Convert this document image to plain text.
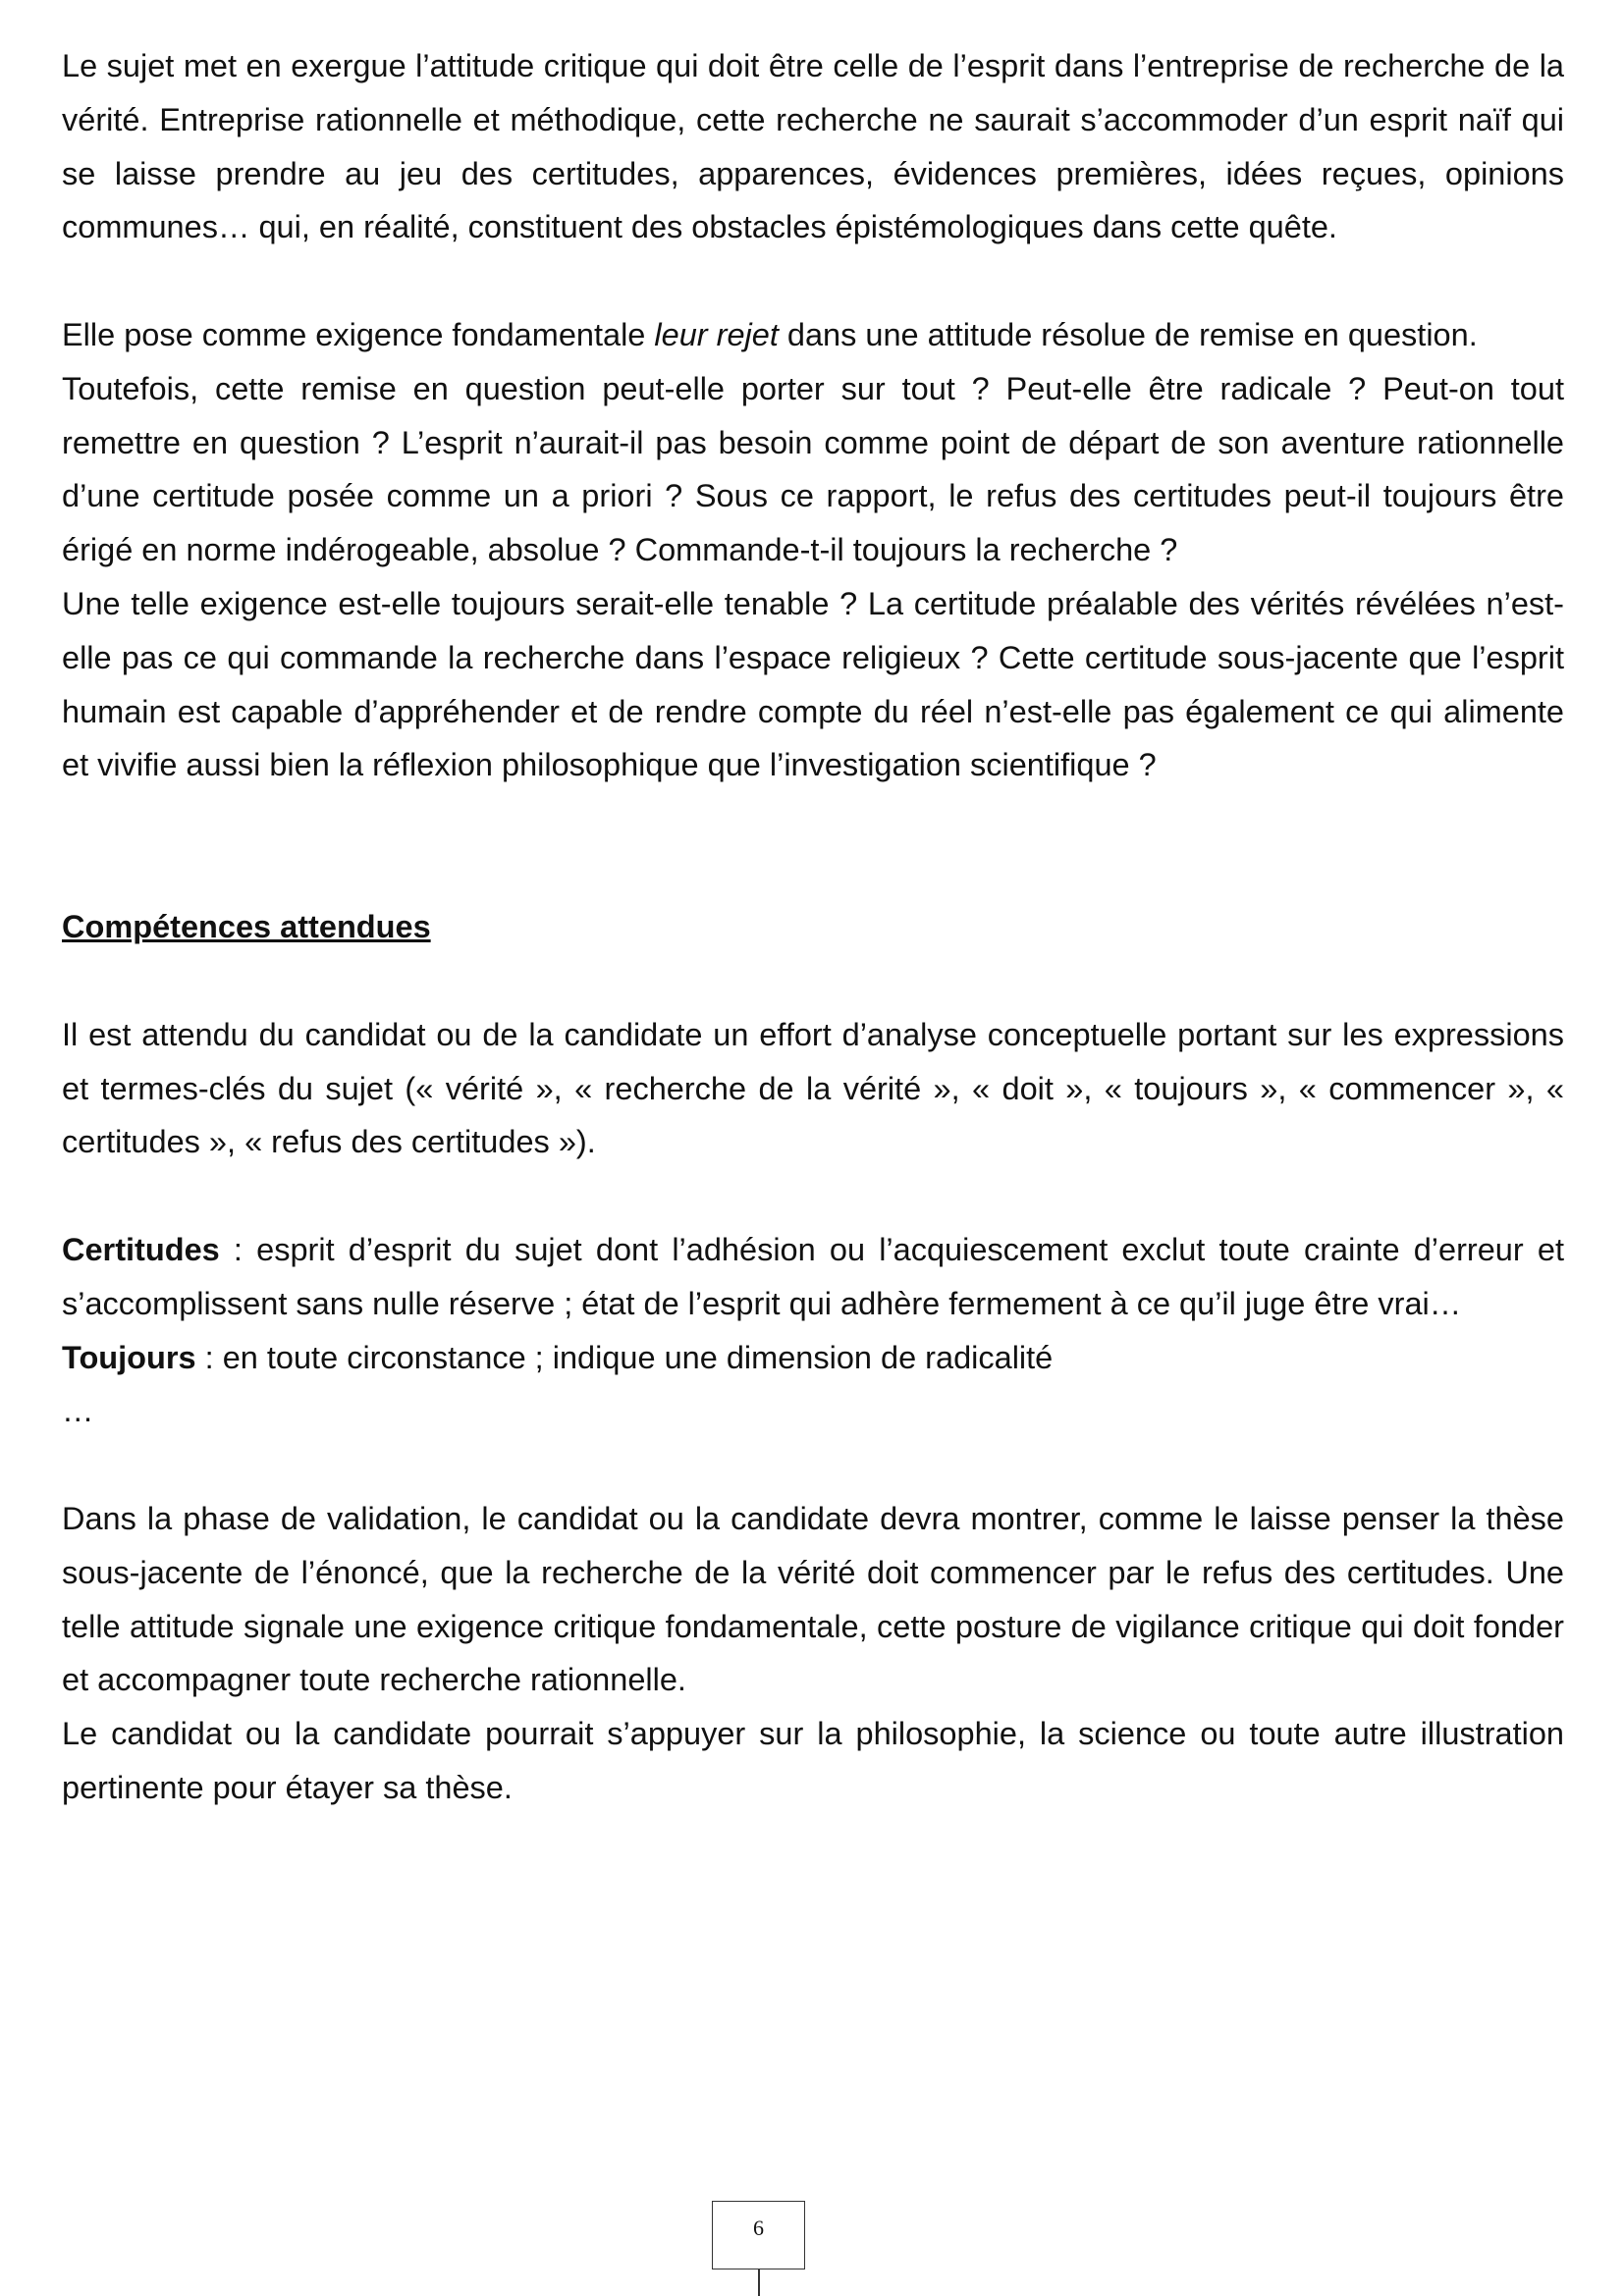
Le sujet met en exergue l’attitude critique qui doit être celle de l’esprit dans l’entreprise de recherche de la vérité. Entreprise rationnelle et méthodique, cette recherche ne saurait s’accommoder d’un esprit naïf qui se laisse prendre au jeu des certitudes, apparences, évidences premières, idées reçues, opinions communes… qui, en réalité, constituent des obstacles épistémologiques dans cette quête.

Elle pose comme exigence fondamentale leur rejet dans une attitude résolue de remise en question.

Toutefois, cette remise en question peut-elle porter sur tout ? Peut-elle être radicale ? Peut-on tout remettre en question ? L’esprit n’aurait-il pas besoin comme point de départ de son aventure rationnelle d’une certitude posée comme un a priori ? Sous ce rapport, le refus des certitudes peut-il toujours être érigé en norme indérogeable, absolue ? Commande-t-il toujours la recherche ?

Une telle exigence est-elle toujours serait-elle tenable ? La certitude préalable des vérités révélées n’est-elle pas ce qui commande la recherche dans l’espace religieux ? Cette certitude sous-jacente que l’esprit humain est capable d’appréhender et de rendre compte du réel n’est-elle pas également ce qui alimente et vivifie aussi bien la réflexion philosophique que l’investigation scientifique ?

Compétences attendues

Il est attendu du candidat ou de la candidate un effort d’analyse conceptuelle portant sur les expressions et termes-clés du sujet (« vérité », « recherche de la vérité », « doit », « toujours », « commencer », « certitudes », « refus des certitudes »).

Certitudes : esprit d’esprit du sujet dont l’adhésion ou l’acquiescement exclut toute crainte d’erreur et s’accomplissent sans nulle réserve ; état de l’esprit qui adhère fermement à ce qu’il juge être vrai…

Toujours : en toute circonstance ; indique une dimension de radicalité

…

Dans la phase de validation, le candidat ou la candidate devra montrer, comme le laisse penser la thèse sous-jacente de l’énoncé, que la recherche de la vérité doit commencer par le refus des certitudes. Une telle attitude signale une exigence critique fondamentale, cette posture de vigilance critique qui doit fonder et accompagner toute recherche rationnelle.

Le candidat ou la candidate pourrait s’appuyer sur la philosophie, la science ou toute autre illustration pertinente pour étayer sa thèse.

6
